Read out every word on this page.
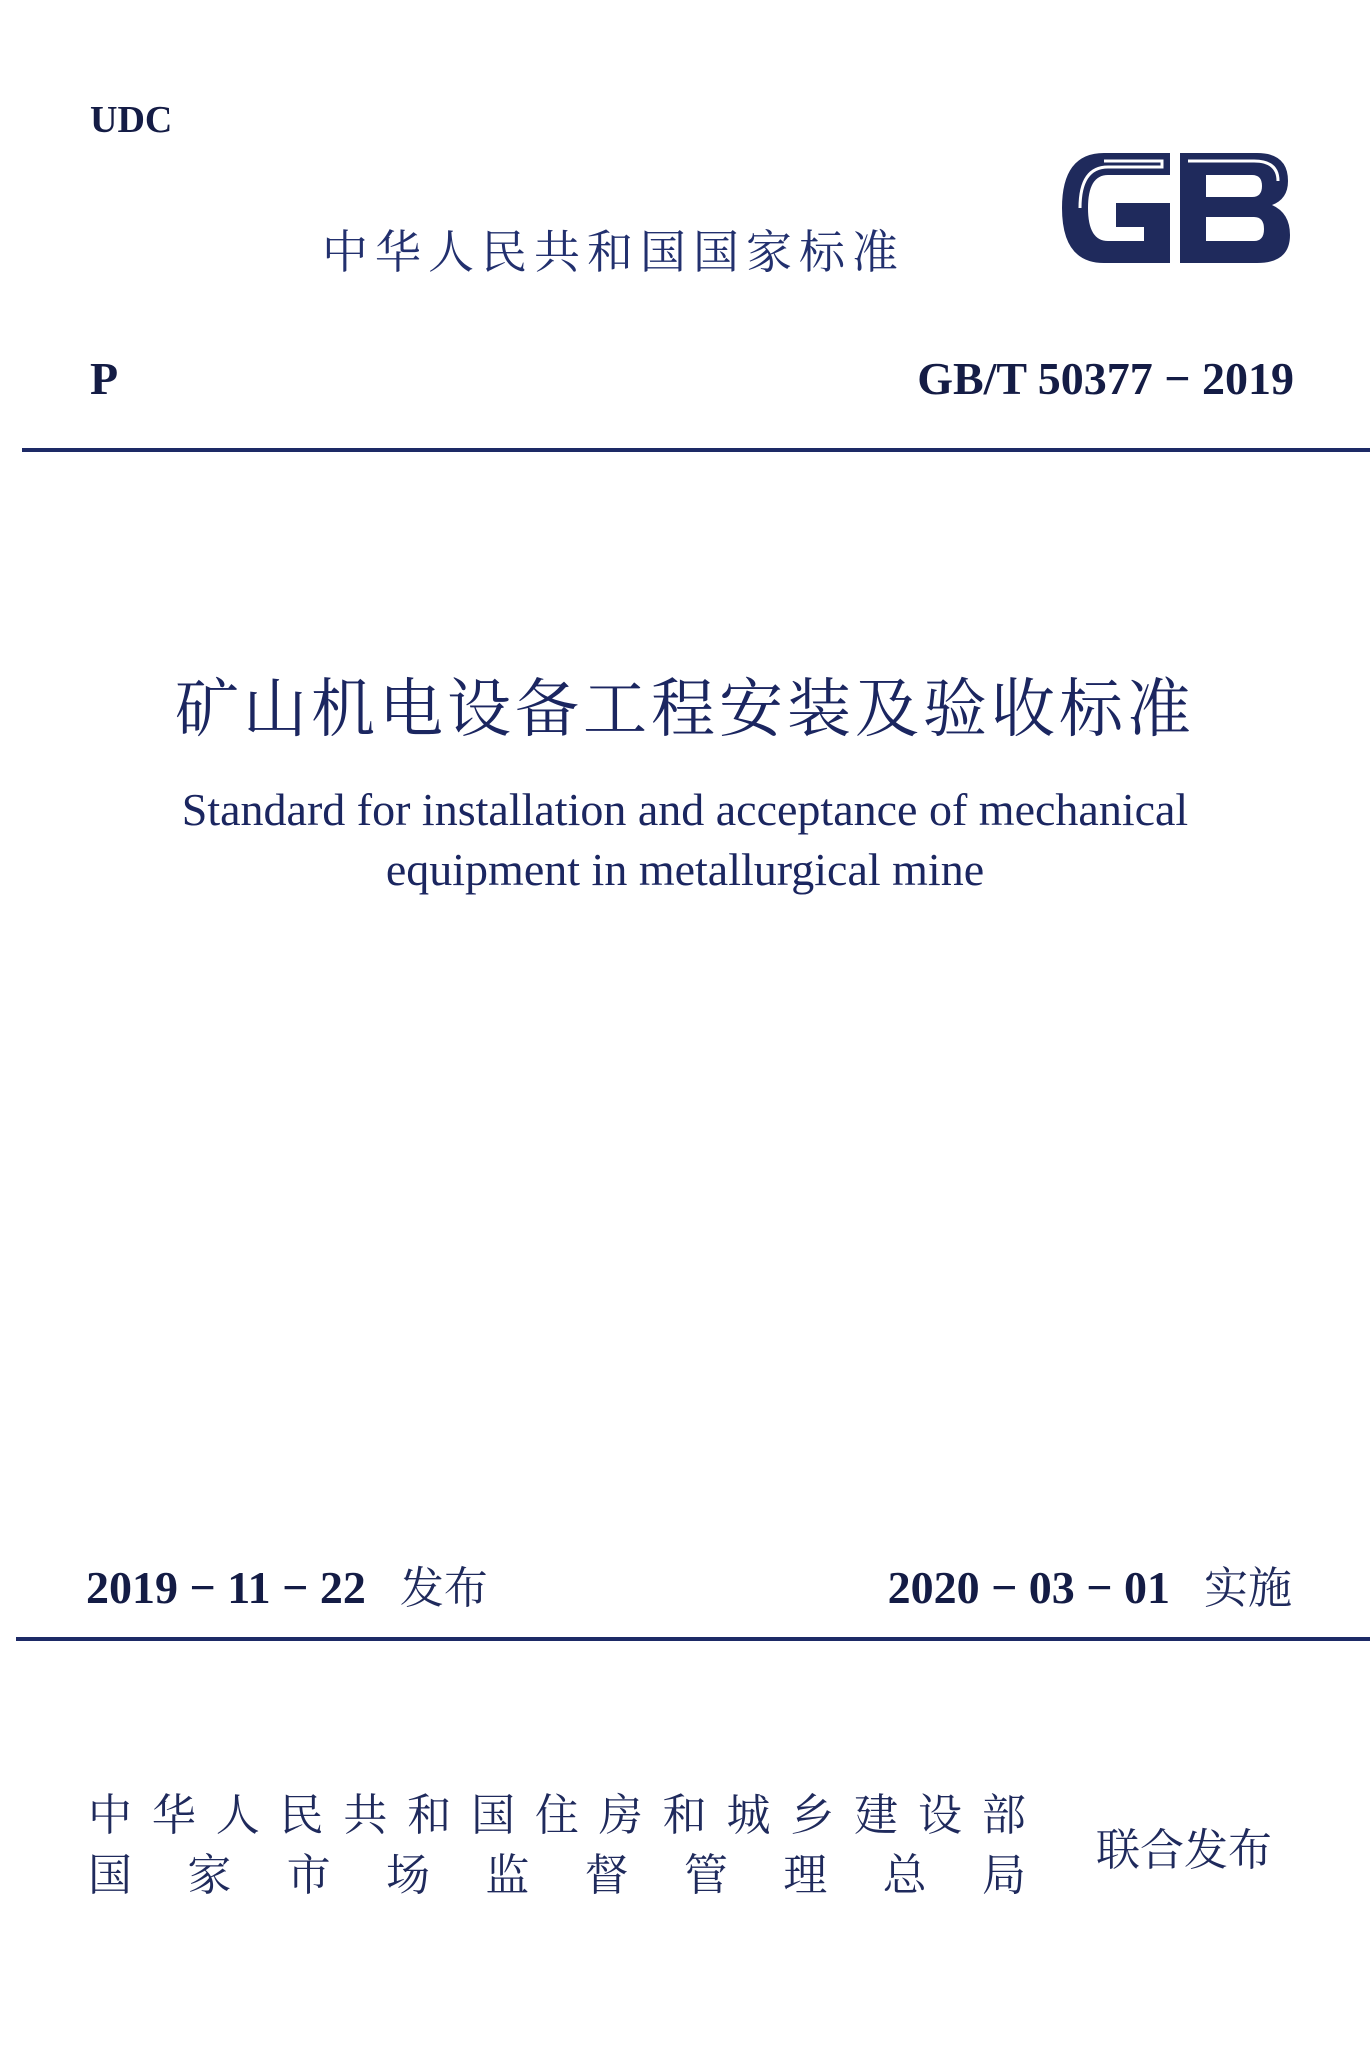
UDC
中华人民共和国国家标准
P	GB/T 50377 − 2019
矿山机电设备工程安装及验收标准
Standard for installation and acceptance of mechanical
equipment in metallurgical mine
2019 − 11 − 22 发布	2020 − 03 − 01 实施
中 华 人 民 共 和 国 住 房 和 城 乡 建 设 部
国 家 市 场 监 督 管 理 总 局 联合发布
